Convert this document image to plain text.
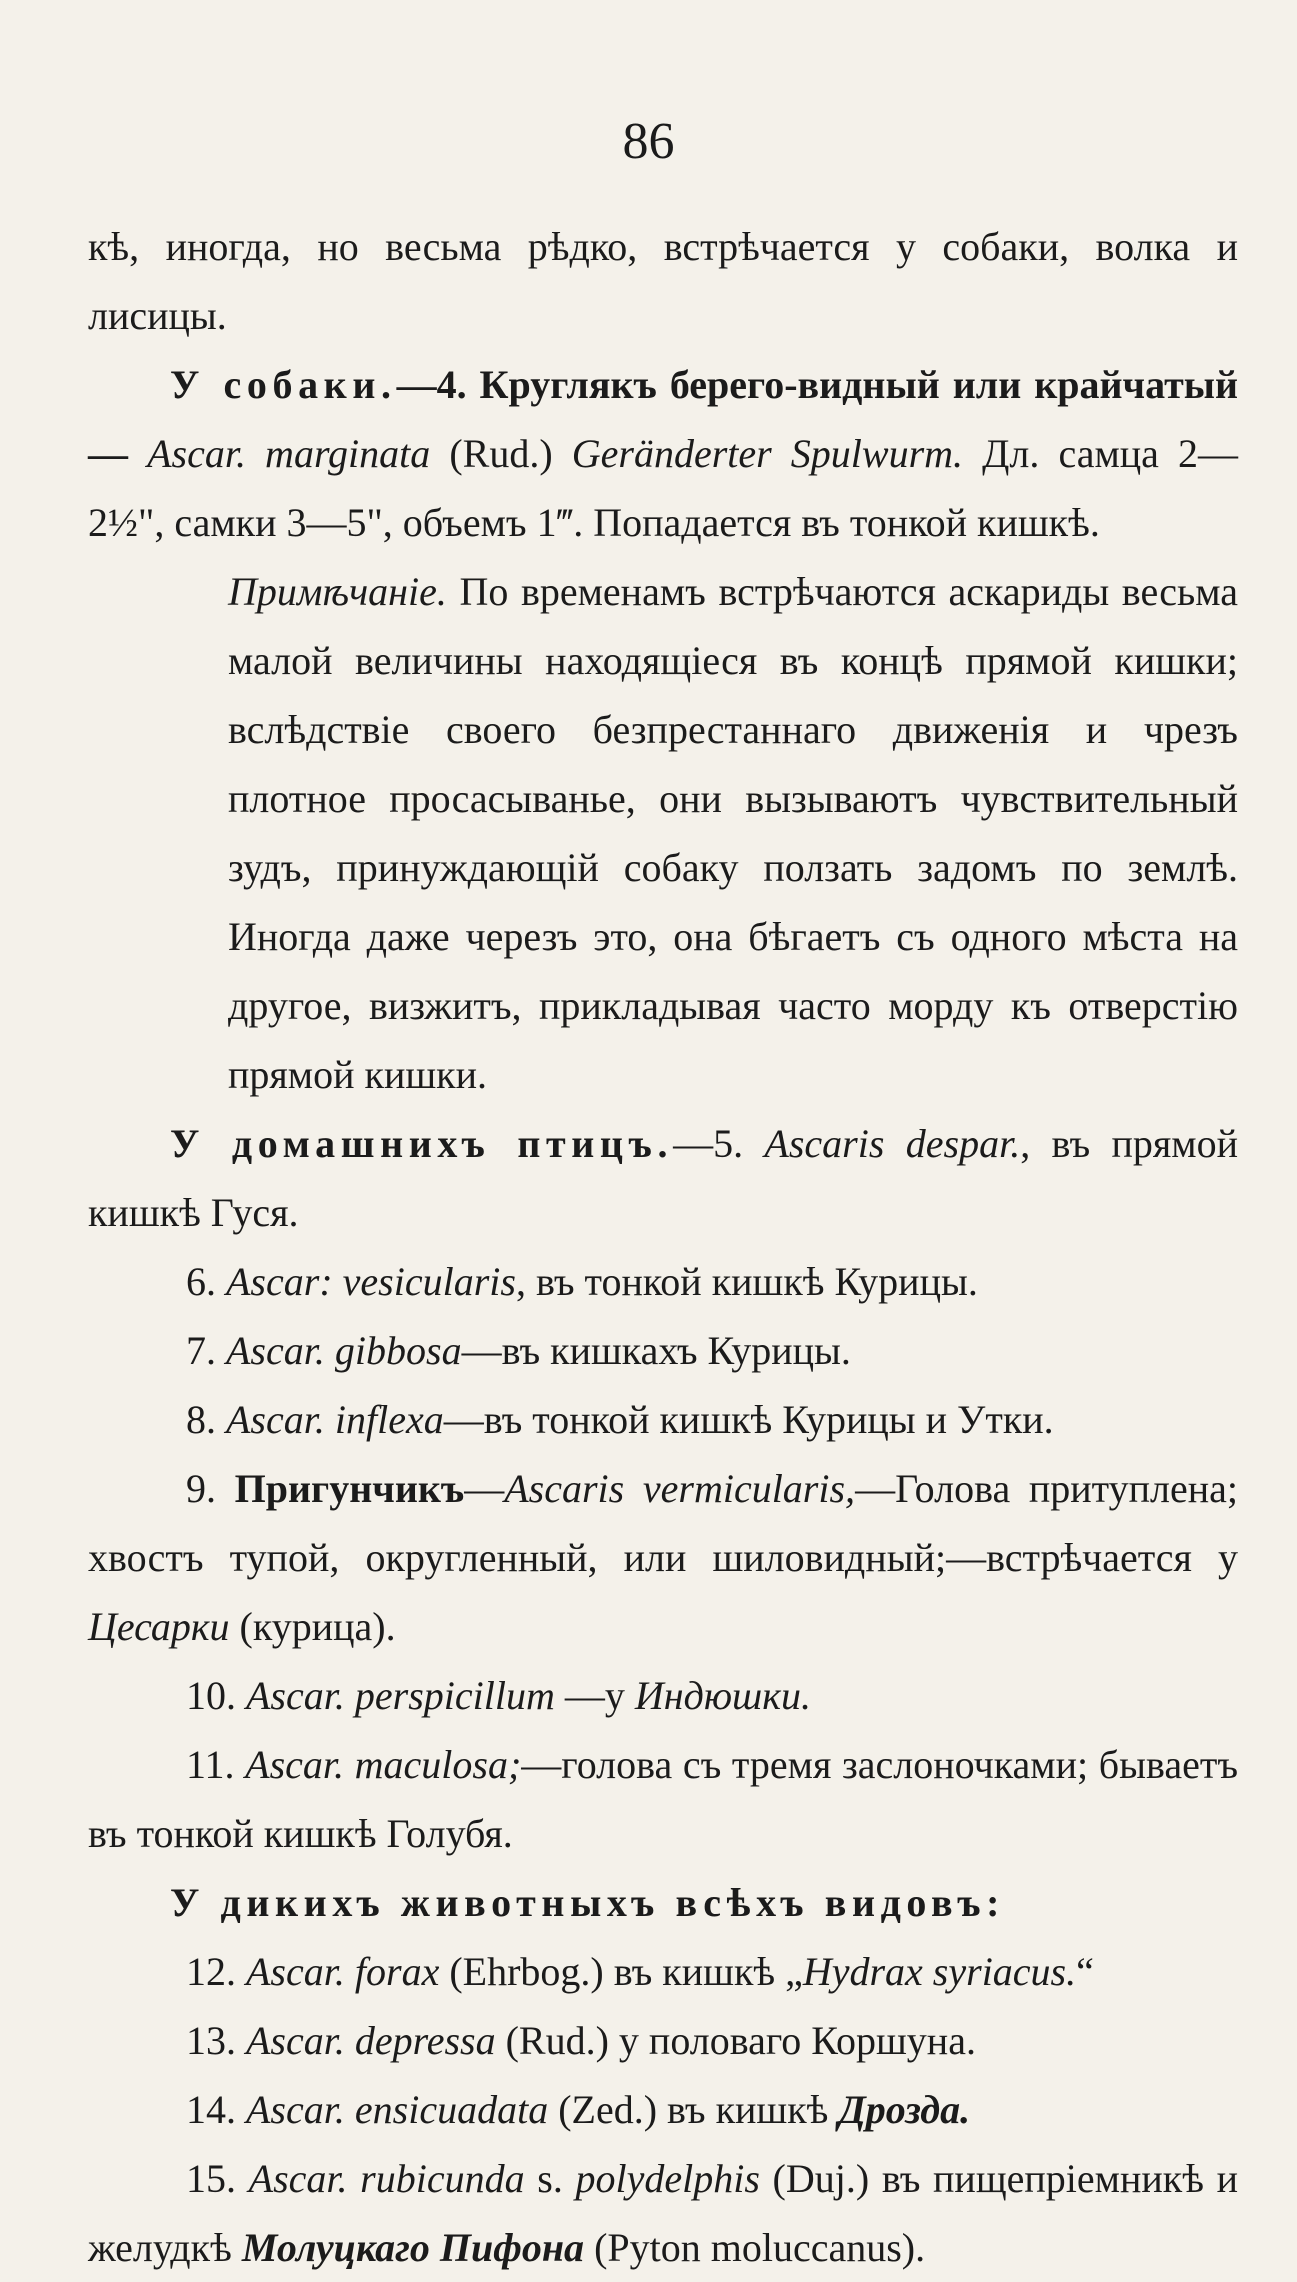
86

кѣ, иногда, но весьма рѣдко, встрѣчается у собаки, волка и лисицы.

У собаки.—4. Круглякъ берего-видный или крайчатый— Ascar. marginata (Rud.) Geränderter Spulwurm. Дл. самца 2—2½", самки 3—5", объемъ 1‴. Попадается въ тонкой кишкѣ.

Примѣчаніе. По временамъ встрѣчаются аскариды весьма малой величины находящіеся въ концѣ прямой кишки; вслѣдствіе своего безпрестаннаго движенія и чрезъ плотное просасыванье, они вызываютъ чувствительный зудъ, принуждающій собаку ползать задомъ по землѣ. Иногда даже черезъ это, она бѣгаетъ съ одного мѣста на другое, визжитъ, прикладывая часто морду къ отверстію прямой кишки.

У домашнихъ птицъ.—5. Ascaris despar., въ прямой кишкѣ Гуся.

6. Ascar: vesicularis, въ тонкой кишкѣ Курицы.

7. Ascar. gibbosa—въ кишкахъ Курицы.

8. Ascar. inflexa—въ тонкой кишкѣ Курицы и Утки.

9. Пригунчикъ—Ascaris vermicularis,—Голова притуплена; хвостъ тупой, округленный, или шиловидный;—встрѣчается у Цесарки (курица).

10. Ascar. perspicillum —у Индюшки.

11. Ascar. maculosa;—голова съ тремя заслоночками; бываетъ въ тонкой кишкѣ Голубя.

У дикихъ животныхъ всѣхъ видовъ:

12. Ascar. forax (Ehrbog.) въ кишкѣ „Hydrax syriacus.“

13. Ascar. depressa (Rud.) у половаго Коршуна.

14. Ascar. ensicuadata (Zed.) въ кишкѣ Дрозда.

15. Ascar. rubicunda s. polydelphis (Duj.) въ пищепріемникѣ и желудкѣ Молуцкаго Пифона (Pyton moluccanus).
